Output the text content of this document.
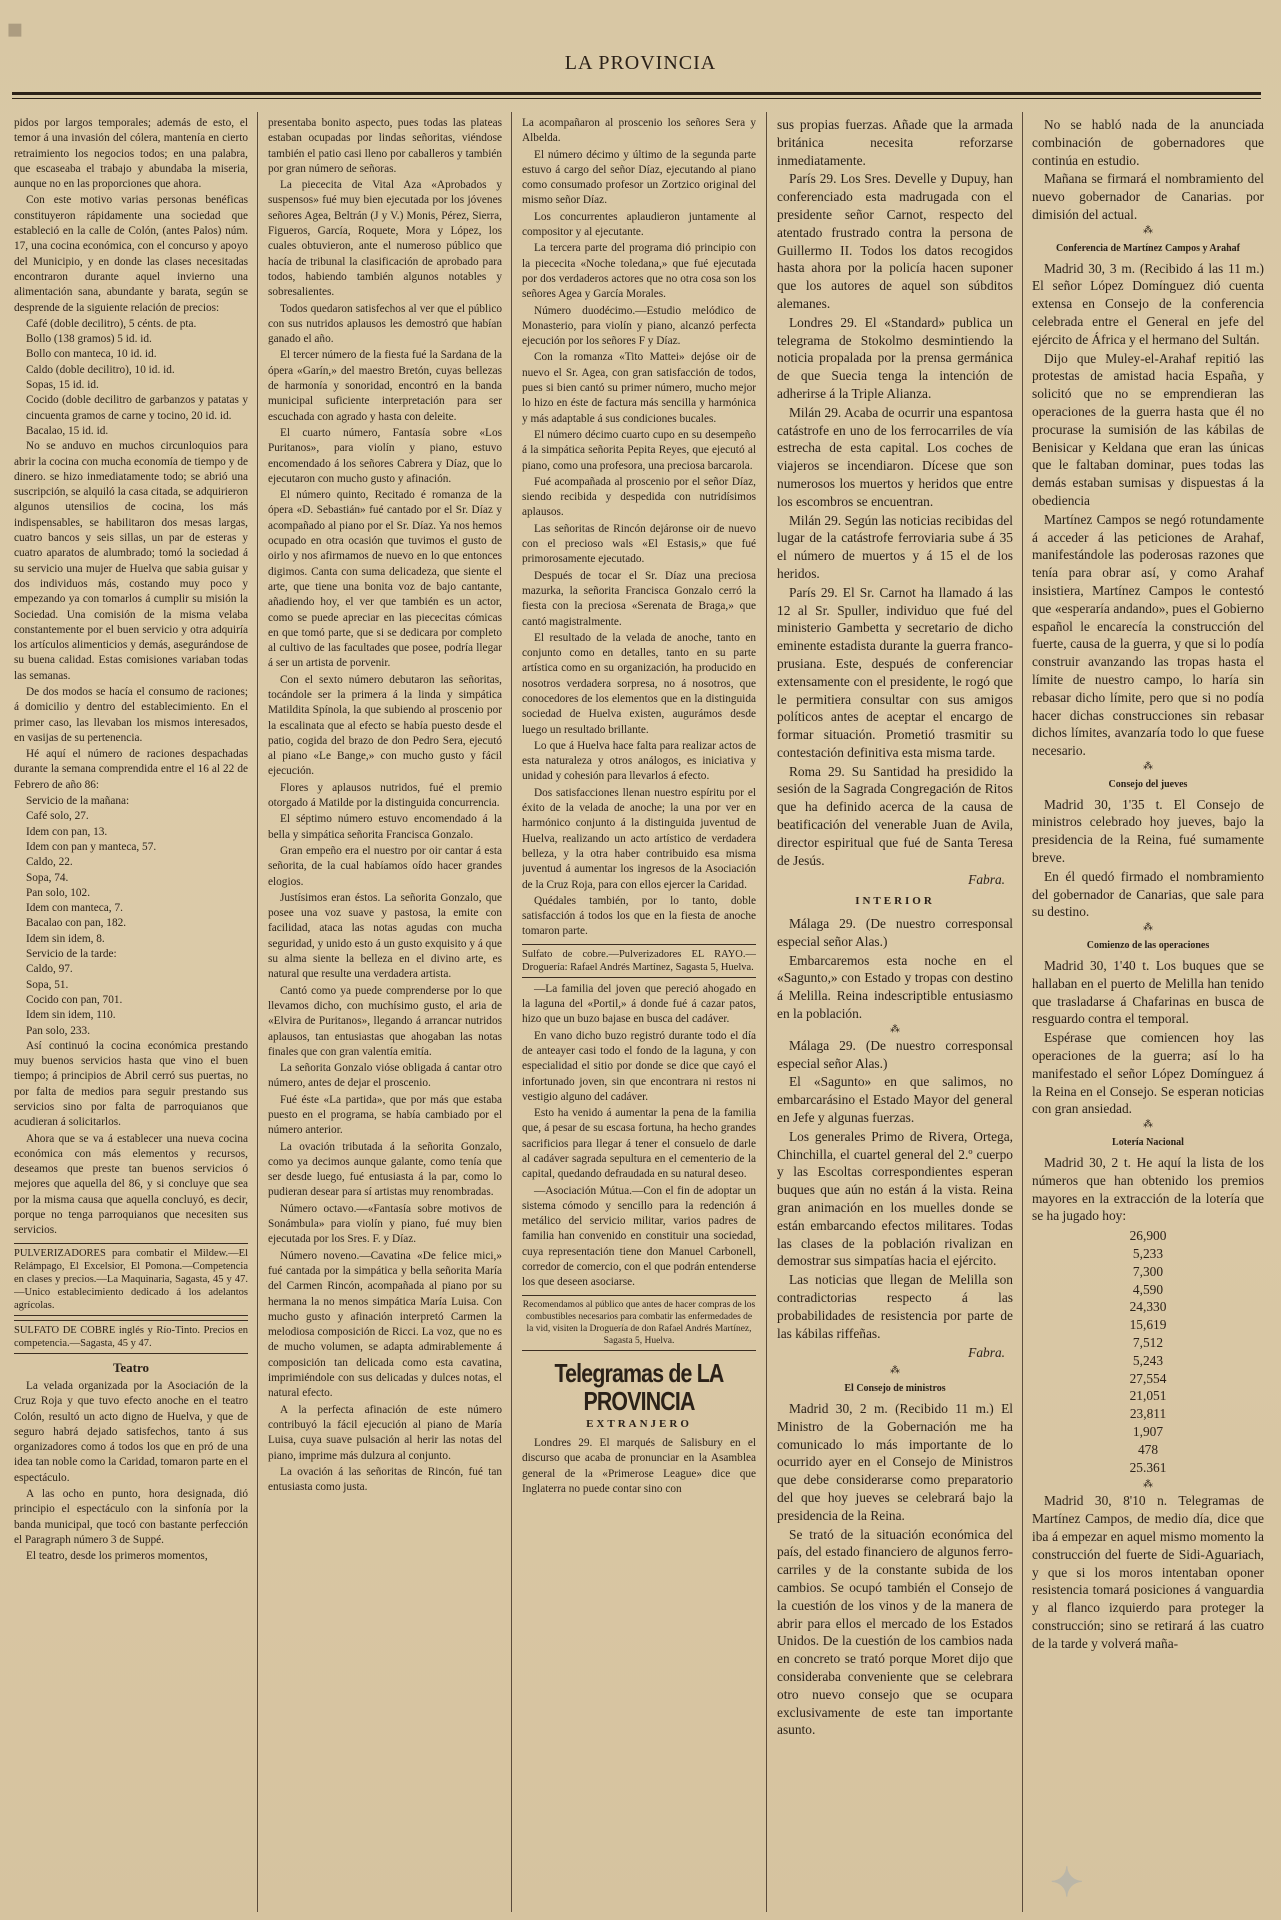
▪
LA PROVINCIA

pidos por largos temporales; además de esto, el temor á una invasión del cólera, mantenía en cierto retraimiento los negocios todos; en una palabra, que escaseaba el trabajo y abundaba la miseria, aunque no en las proporciones que ahora.

Con este motivo varias personas benéficas constituyeron rápidamente una sociedad que estableció en la calle de Colón, (antes Palos) núm. 17, una cocina económica, con el concurso y apoyo del Municipio, y en donde las clases necesitadas encontraron durante aquel invierno una alimentación sana, abundante y barata, según se desprende de la siguiente relación de precios:

Café (doble decilitro), 5 cénts. de pta.
Bollo (138 gramos) 5 id. id.
Bollo con manteca, 10 id. id.
Caldo (doble decilitro), 10 id. id.
Sopas, 15 id. id.
Cocido (doble decilitro de garbanzos y patatas y cincuenta gramos de carne y tocino, 20 id. id.
Bacalao, 15 id. id.

No se anduvo en muchos circunloquios para abrir la cocina con mucha economía de tiempo y de dinero. se hizo inmediatamente todo; se abrió una suscripción, se alquiló la casa citada, se adquirieron algunos utensilios de cocina, los más indispensables, se habilitaron dos mesas largas, cuatro bancos y seis sillas, un par de esteras y cuatro aparatos de alumbrado; tomó la sociedad á su servicio una mujer de Huelva que sabia guisar y dos individuos más, costando muy poco y empezando ya con tomarlos á cumplir su misión la Sociedad. Una comisión de la misma velaba constantemente por el buen servicio y otra adquiría los artículos alimenticios y demás, asegurándose de su buena calidad. Estas comisiones variaban todas las semanas.

De dos modos se hacía el consumo de raciones; á domicilio y dentro del establecimiento. En el primer caso, las llevaban los mismos interesados, en vasijas de su pertenencia.

Hé aquí el número de raciones despachadas durante la semana comprendida entre el 16 al 22 de Febrero de año 86:

Servicio de la mañana:
Café solo, 27.
Idem con pan, 13.
Idem con pan y manteca, 57.
Caldo, 22.
Sopa, 74.
Pan solo, 102.
Idem con manteca, 7.
Bacalao con pan, 182.
Idem sin idem, 8.
Servicio de la tarde:
Caldo, 97.
Sopa, 51.
Cocido con pan, 701.
Idem sin idem, 110.
Pan solo, 233.

Así continuó la cocina económica prestando muy buenos servicios hasta que vino el buen tiempo; á principios de Abril cerró sus puertas, no por falta de medios para seguir prestando sus servicios sino por falta de parroquianos que acudieran á solicitarlos.

Ahora que se va á establecer una nueva cocina económica con más elementos y recursos, deseamos que preste tan buenos servicios ó mejores que aquella del 86, y si concluye que sea por la misma causa que aquella concluyó, es decir, porque no tenga parroquianos que necesiten sus servicios.

PULVERIZADORES para combatir el Mildew.—El Relámpago, El Excelsior, El Pomona.—Competencia en clases y precios.—La Maquinaria, Sagasta, 45 y 47.—Unico establecimiento dedicado á los adelantos agrícolas.
SULFATO DE COBRE inglés y Río-Tinto. Precios en competencia.—Sagasta, 45 y 47.
Teatro

La velada organizada por la Asociación de la Cruz Roja y que tuvo efecto anoche en el teatro Colón, resultó un acto digno de Huelva, y que de seguro habrá dejado satisfechos, tanto á sus organizadores como á todos los que en pró de una idea tan noble como la Caridad, tomaron parte en el espectáculo.

A las ocho en punto, hora designada, dió principio el espectáculo con la sinfonía por la banda municipal, que tocó con bastante perfección el Paragraph número 3 de Suppé.

El teatro, desde los primeros momentos,

presentaba bonito aspecto, pues todas las plateas estaban ocupadas por lindas señoritas, viéndose también el patio casi lleno por caballeros y también por gran número de señoras.

La piececita de Vital Aza «Aprobados y suspensos» fué muy bien ejecutada por los jóvenes señores Agea, Beltrán (J y V.) Monis, Pérez, Sierra, Figueros, García, Roquete, Mora y López, los cuales obtuvieron, ante el numeroso público que hacía de tribunal la clasificación de aprobado para todos, habiendo también algunos notables y sobresalientes.

Todos quedaron satisfechos al ver que el público con sus nutridos aplausos les demostró que habían ganado el año.

El tercer número de la fiesta fué la Sardana de la ópera «Garín,» del maestro Bretón, cuyas bellezas de harmonía y sonoridad, encontró en la banda municipal suficiente interpretación para ser escuchada con agrado y hasta con deleite.

El cuarto número, Fantasía sobre «Los Puritanos», para violín y piano, estuvo encomendado á los señores Cabrera y Díaz, que lo ejecutaron con mucho gusto y afinación.

El número quinto, Recitado é romanza de la ópera «D. Sebastián» fué cantado por el Sr. Díaz y acompañado al piano por el Sr. Díaz. Ya nos hemos ocupado en otra ocasión que tuvimos el gusto de oirlo y nos afirmamos de nuevo en lo que entonces digimos. Canta con suma delicadeza, que siente el arte, que tiene una bonita voz de bajo cantante, añadiendo hoy, el ver que también es un actor, como se puede apreciar en las piececitas cómicas en que tomó parte, que si se dedicara por completo al cultivo de las facultades que posee, podría llegar á ser un artista de porvenir.

Con el sexto número debutaron las señoritas, tocándole ser la primera á la linda y simpática Matildita Spínola, la que subiendo al proscenio por la escalinata que al efecto se había puesto desde el patio, cogida del brazo de don Pedro Sera, ejecutó al piano «Le Bange,» con mucho gusto y fácil ejecución.

Flores y aplausos nutridos, fué el premio otorgado á Matilde por la distinguida concurrencia.

El séptimo número estuvo encomendado á la bella y simpática señorita Francisca Gonzalo.

Gran empeño era el nuestro por oir cantar á esta señorita, de la cual habíamos oído hacer grandes elogios.

Justísimos eran éstos. La señorita Gonzalo, que posee una voz suave y pastosa, la emite con facilidad, ataca las notas agudas con mucha seguridad, y unido esto á un gusto exquisito y á que su alma siente la belleza en el divino arte, es natural que resulte una verdadera artista.

Cantó como ya puede comprenderse por lo que llevamos dicho, con muchísimo gusto, el aria de «Elvira de Puritanos», llegando á arrancar nutridos aplausos, tan entusiastas que ahogaban las notas finales que con gran valentía emitía.

La señorita Gonzalo vióse obligada á cantar otro número, antes de dejar el proscenio.

Fué éste «La partida», que por más que estaba puesto en el programa, se había cambiado por el número anterior.

La ovación tributada á la señorita Gonzalo, como ya decimos aunque galante, como tenía que ser desde luego, fué entusiasta á la par, como lo pudieran desear para sí artistas muy renombradas.

Número octavo.—«Fantasía sobre motivos de Sonámbula» para violín y piano, fué muy bien ejecutada por los Sres. F. y Díaz.

Número noveno.—Cavatina «De felice mici,» fué cantada por la simpática y bella señorita María del Carmen Rincón, acompañada al piano por su hermana la no menos simpática María Luisa. Con mucho gusto y afinación interpretó Carmen la melodiosa composición de Ricci. La voz, que no es de mucho volumen, se adapta admirablemente á composición tan delicada como esta cavatina, imprimiéndole con sus delicadas y dulces notas, el natural efecto.

A la perfecta afinación de este número contribuyó la fácil ejecución al piano de María Luisa, cuya suave pulsación al herir las notas del piano, imprime más dulzura al conjunto.

La ovación á las señoritas de Rincón, fué tan entusiasta como justa.

La acompañaron al proscenio los señores Sera y Albelda.

El número décimo y último de la segunda parte estuvo á cargo del señor Díaz, ejecutando al piano como consumado profesor un Zortzico original del mismo señor Díaz.

Los concurrentes aplaudieron juntamente al compositor y al ejecutante.

La tercera parte del programa dió principio con la piececita «Noche toledana,» que fué ejecutada por dos verdaderos actores que no otra cosa son los señores Agea y García Morales.

Número duodécimo.—Estudio melódico de Monasterio, para violín y piano, alcanzó perfecta ejecución por los señores F y Díaz.

Con la romanza «Tito Mattei» dejóse oir de nuevo el Sr. Agea, con gran satisfacción de todos, pues si bien cantó su primer número, mucho mejor lo hizo en éste de factura más sencilla y harmónica y más adaptable á sus condiciones bucales.

El número décimo cuarto cupo en su desempeño á la simpática señorita Pepita Reyes, que ejecutó al piano, como una profesora, una preciosa barcarola.

Fué acompañada al proscenio por el señor Díaz, siendo recibida y despedida con nutridísimos aplausos.

Las señoritas de Rincón dejáronse oir de nuevo con el precioso wals «El Estasis,» que fué primorosamente ejecutado.

Después de tocar el Sr. Díaz una preciosa mazurka, la señorita Francisca Gonzalo cerró la fiesta con la preciosa «Serenata de Braga,» que cantó magistralmente.

El resultado de la velada de anoche, tanto en conjunto como en detalles, tanto en su parte artística como en su organización, ha producido en nosotros verdadera sorpresa, no á nosotros, que conocedores de los elementos que en la distinguida sociedad de Huelva existen, augurámos desde luego un resultado brillante.

Lo que á Huelva hace falta para realizar actos de esta naturaleza y otros análogos, es iniciativa y unidad y cohesión para llevarlos á efecto.

Dos satisfacciones llenan nuestro espíritu por el éxito de la velada de anoche; la una por ver en harmónico conjunto á la distinguida juventud de Huelva, realizando un acto artístico de verdadera belleza, y la otra haber contribuido esa misma juventud á aumentar los ingresos de la Asociación de la Cruz Roja, para con ellos ejercer la Caridad.

Quédales también, por lo tanto, doble satisfacción á todos los que en la fiesta de anoche tomaron parte.

Sulfato de cobre.—Pulverizadores EL RAYO.—Droguería: Rafael Andrés Martínez, Sagasta 5, Huelva.

—La familia del joven que pereció ahogado en la laguna del «Portil,» á donde fué á cazar patos, hizo que un buzo bajase en busca del cadáver.

En vano dicho buzo registró durante todo el día de anteayer casi todo el fondo de la laguna, y con especialidad el sitio por donde se dice que cayó el infortunado joven, sin que encontrara ni restos ni vestigio alguno del cadáver.

Esto ha venido á aumentar la pena de la familia que, á pesar de su escasa fortuna, ha hecho grandes sacrificios para llegar á tener el consuelo de darle al cadáver sagrada sepultura en el cementerio de la capital, quedando defraudada en su natural deseo.

—Asociación Mútua.—Con el fin de adoptar un sistema cómodo y sencillo para la redención á metálico del servicio militar, varios padres de familia han convenido en constituir una sociedad, cuya representación tiene don Manuel Carbonell, corredor de comercio, con el que podrán entenderse los que deseen asociarse.

Recomendamos al público que antes de hacer compras de los combustibles necesarios para combatir las enfermedades de la vid, visiten la Droguería de don Rafael Andrés Martínez, Sagasta 5, Huelva.
Telegramas de LA PROVINCIA
EXTRANJERO

Londres 29. El marqués de Salisbury en el discurso que acaba de pronunciar en la Asamblea general de la «Primerose League» dice que Inglaterra no puede contar sino con

sus propias fuerzas. Añade que la armada británica necesita reforzarse inmediatamente.

París 29. Los Sres. Develle y Dupuy, han conferenciado esta madrugada con el presidente señor Carnot, respecto del atentado frustrado contra la persona de Guillermo II. Todos los datos recogidos hasta ahora por la policía hacen suponer que los autores de aquel son súbditos alemanes.

Londres 29. El «Standard» publica un telegrama de Stokolmo desmintiendo la noticia propalada por la prensa germánica de que Suecia tenga la intención de adherirse á la Triple Alianza.

Milán 29. Acaba de ocurrir una espantosa catástrofe en uno de los ferrocarriles de vía estrecha de esta capital. Los coches de viajeros se incendiaron. Dícese que son numerosos los muertos y heridos que entre los escombros se encuentran.

Milán 29. Según las noticias recibidas del lugar de la catástrofe ferroviaria sube á 35 el número de muertos y á 15 el de los heridos.

París 29. El Sr. Carnot ha llamado á las 12 al Sr. Spuller, individuo que fué del ministerio Gambetta y secretario de dicho eminente estadista durante la guerra franco-prusiana. Este, después de conferenciar extensamente con el presidente, le rogó que le permitiera consultar con sus amigos políticos antes de aceptar el encargo de formar situación. Prometió trasmitir su contestación definitiva esta misma tarde.

Roma 29. Su Santidad ha presidido la sesión de la Sagrada Congregación de Ritos que ha definido acerca de la causa de beatificación del venerable Juan de Avila, director espiritual que fué de Santa Teresa de Jesús.

Fabra.
INTERIOR

Málaga 29. (De nuestro corresponsal especial señor Alas.)

Embarcaremos esta noche en el «Sagunto,» con Estado y tropas con destino á Melilla. Reina indescriptible entusiasmo en la población.

⁂

Málaga 29. (De nuestro corresponsal especial señor Alas.)

El «Sagunto» en que salimos, no embarcarásino el Estado Mayor del general en Jefe y algunas fuerzas.

Los generales Primo de Rivera, Ortega, Chinchilla, el cuartel general del 2.º cuerpo y las Escoltas correspondientes esperan buques que aún no están á la vista. Reina gran animación en los muelles donde se están embarcando efectos militares. Todas las clases de la población rivalizan en demostrar sus simpatías hacia el ejército.

Las noticias que llegan de Melilla son contradictorias respecto á las probabilidades de resistencia por parte de las kábilas riffeñas.

Fabra.
⁂
El Consejo de ministros

Madrid 30, 2 m. (Recibido 11 m.) El Ministro de la Gobernación me ha comunicado lo más importante de lo ocurrido ayer en el Consejo de Ministros que debe considerarse como preparatorio del que hoy jueves se celebrará bajo la presidencia de la Reina.

Se trató de la situación económica del país, del estado financiero de algunos ferro-carriles y de la constante subida de los cambios. Se ocupó también el Consejo de la cuestión de los vinos y de la manera de abrir para ellos el mercado de los Estados Unidos. De la cuestión de los cambios nada en concreto se trató porque Moret dijo que consideraba conveniente que se celebrara otro nuevo consejo que se ocupara exclusivamente de este tan importante asunto.

No se habló nada de la anunciada combinación de gobernadores que continúa en estudio.

Mañana se firmará el nombramiento del nuevo gobernador de Canarias. por dimisión del actual.

⁂
Conferencia de Martínez Campos y Arahaf

Madrid 30, 3 m. (Recibido á las 11 m.) El señor López Domínguez dió cuenta extensa en Consejo de la conferencia celebrada entre el General en jefe del ejército de África y el hermano del Sultán.

Dijo que Muley-el-Arahaf repitió las protestas de amistad hacia España, y solicitó que no se emprendieran las operaciones de la guerra hasta que él no procurase la sumisión de las kábilas de Benisicar y Keldana que eran las únicas que le faltaban dominar, pues todas las demás estaban sumisas y dispuestas á la obediencia

Martínez Campos se negó rotundamente á acceder á las peticiones de Arahaf, manifestándole las poderosas razones que tenía para obrar así, y como Arahaf insistiera, Martínez Campos le contestó que «esperaría andando», pues el Gobierno español le encarecía la construcción del fuerte, causa de la guerra, y que si lo podía construir avanzando las tropas hasta el límite de nuestro campo, lo haría sin rebasar dicho límite, pero que si no podía hacer dichas construcciones sin rebasar dichos límites, avanzaría todo lo que fuese necesario.

⁂
Consejo del jueves

Madrid 30, 1'35 t. El Consejo de ministros celebrado hoy jueves, bajo la presidencia de la Reina, fué sumamente breve.

En él quedó firmado el nombramiento del gobernador de Canarias, que sale para su destino.

⁂
Comienzo de las operaciones

Madrid 30, 1'40 t. Los buques que se hallaban en el puerto de Melilla han tenido que trasladarse á Chafarinas en busca de resguardo contra el temporal.

Espérase que comiencen hoy las operaciones de la guerra; así lo ha manifestado el señor López Domínguez á la Reina en el Consejo. Se esperan noticias con gran ansiedad.

⁂
Lotería Nacional

Madrid 30, 2 t. He aquí la lista de los números que han obtenido los premios mayores en la extracción de la lotería que se ha jugado hoy:

26,900
5,233
7,300
4,590
24,330
15,619
7,512
5,243
27,554
21,051
23,811
1,907
478
25.361
⁂

Madrid 30, 8'10 n. Telegramas de Martínez Campos, de medio día, dice que iba á empezar en aquel mismo momento la construcción del fuerte de Sidi-Aguariach, y que si los moros intentaban oponer resistencia tomará posiciones á vanguardia y al flanco izquierdo para proteger la construcción; sino se retirará á las cuatro de la tarde y volverá maña-

✦
